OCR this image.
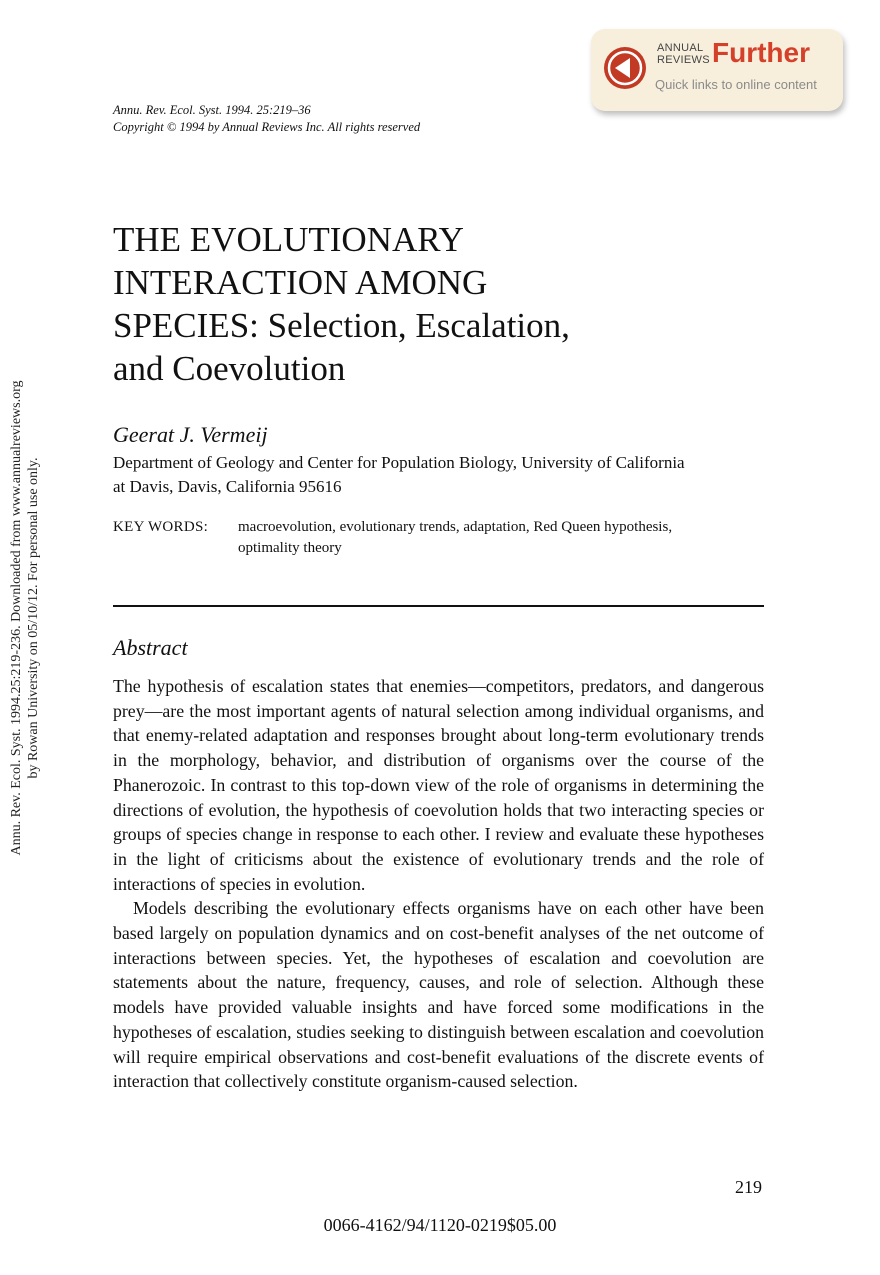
Annu. Rev. Ecol. Syst. 1994.25:219-236. Downloaded from www.annualreviews.org by Rowan University on 05/10/12. For personal use only.
ANNUAL
REVIEWS Further
Quick links to online content
Annu. Rev. Ecol. Syst. 1994. 25:219–36
Copyright © 1994 by Annual Reviews Inc. All rights reserved
THE EVOLUTIONARY
INTERACTION AMONG
SPECIES: Selection, Escalation,
and Coevolution
Geerat J. Vermeij
Department of Geology and Center for Population Biology, University of California
at Davis, Davis, California 95616
KEY WORDS: macroevolution, evolutionary trends, adaptation, Red Queen hypothesis,
optimality theory
Abstract

The hypothesis of escalation states that enemies—competitors, predators, and dangerous prey—are the most important agents of natural selection among individual organisms, and that enemy-related adaptation and responses brought about long-term evolutionary trends in the morphology, behavior, and distribution of organisms over the course of the Phanerozoic. In contrast to this top-down view of the role of organisms in determining the directions of evolution, the hypothesis of coevolution holds that two interacting species or groups of species change in response to each other. I review and evaluate these hypotheses in the light of criticisms about the existence of evolutionary trends and the role of interactions of species in evolution.

Models describing the evolutionary effects organisms have on each other have been based largely on population dynamics and on cost-benefit analyses of the net outcome of interactions between species. Yet, the hypotheses of escalation and coevolution are statements about the nature, frequency, causes, and role of selection. Although these models have provided valuable insights and have forced some modifications in the hypotheses of escalation, studies seeking to distinguish between escalation and coevolution will require empirical observations and cost-benefit evaluations of the discrete events of interaction that collectively constitute organism-caused selection.

219
0066-4162/94/1120-0219$05.00
